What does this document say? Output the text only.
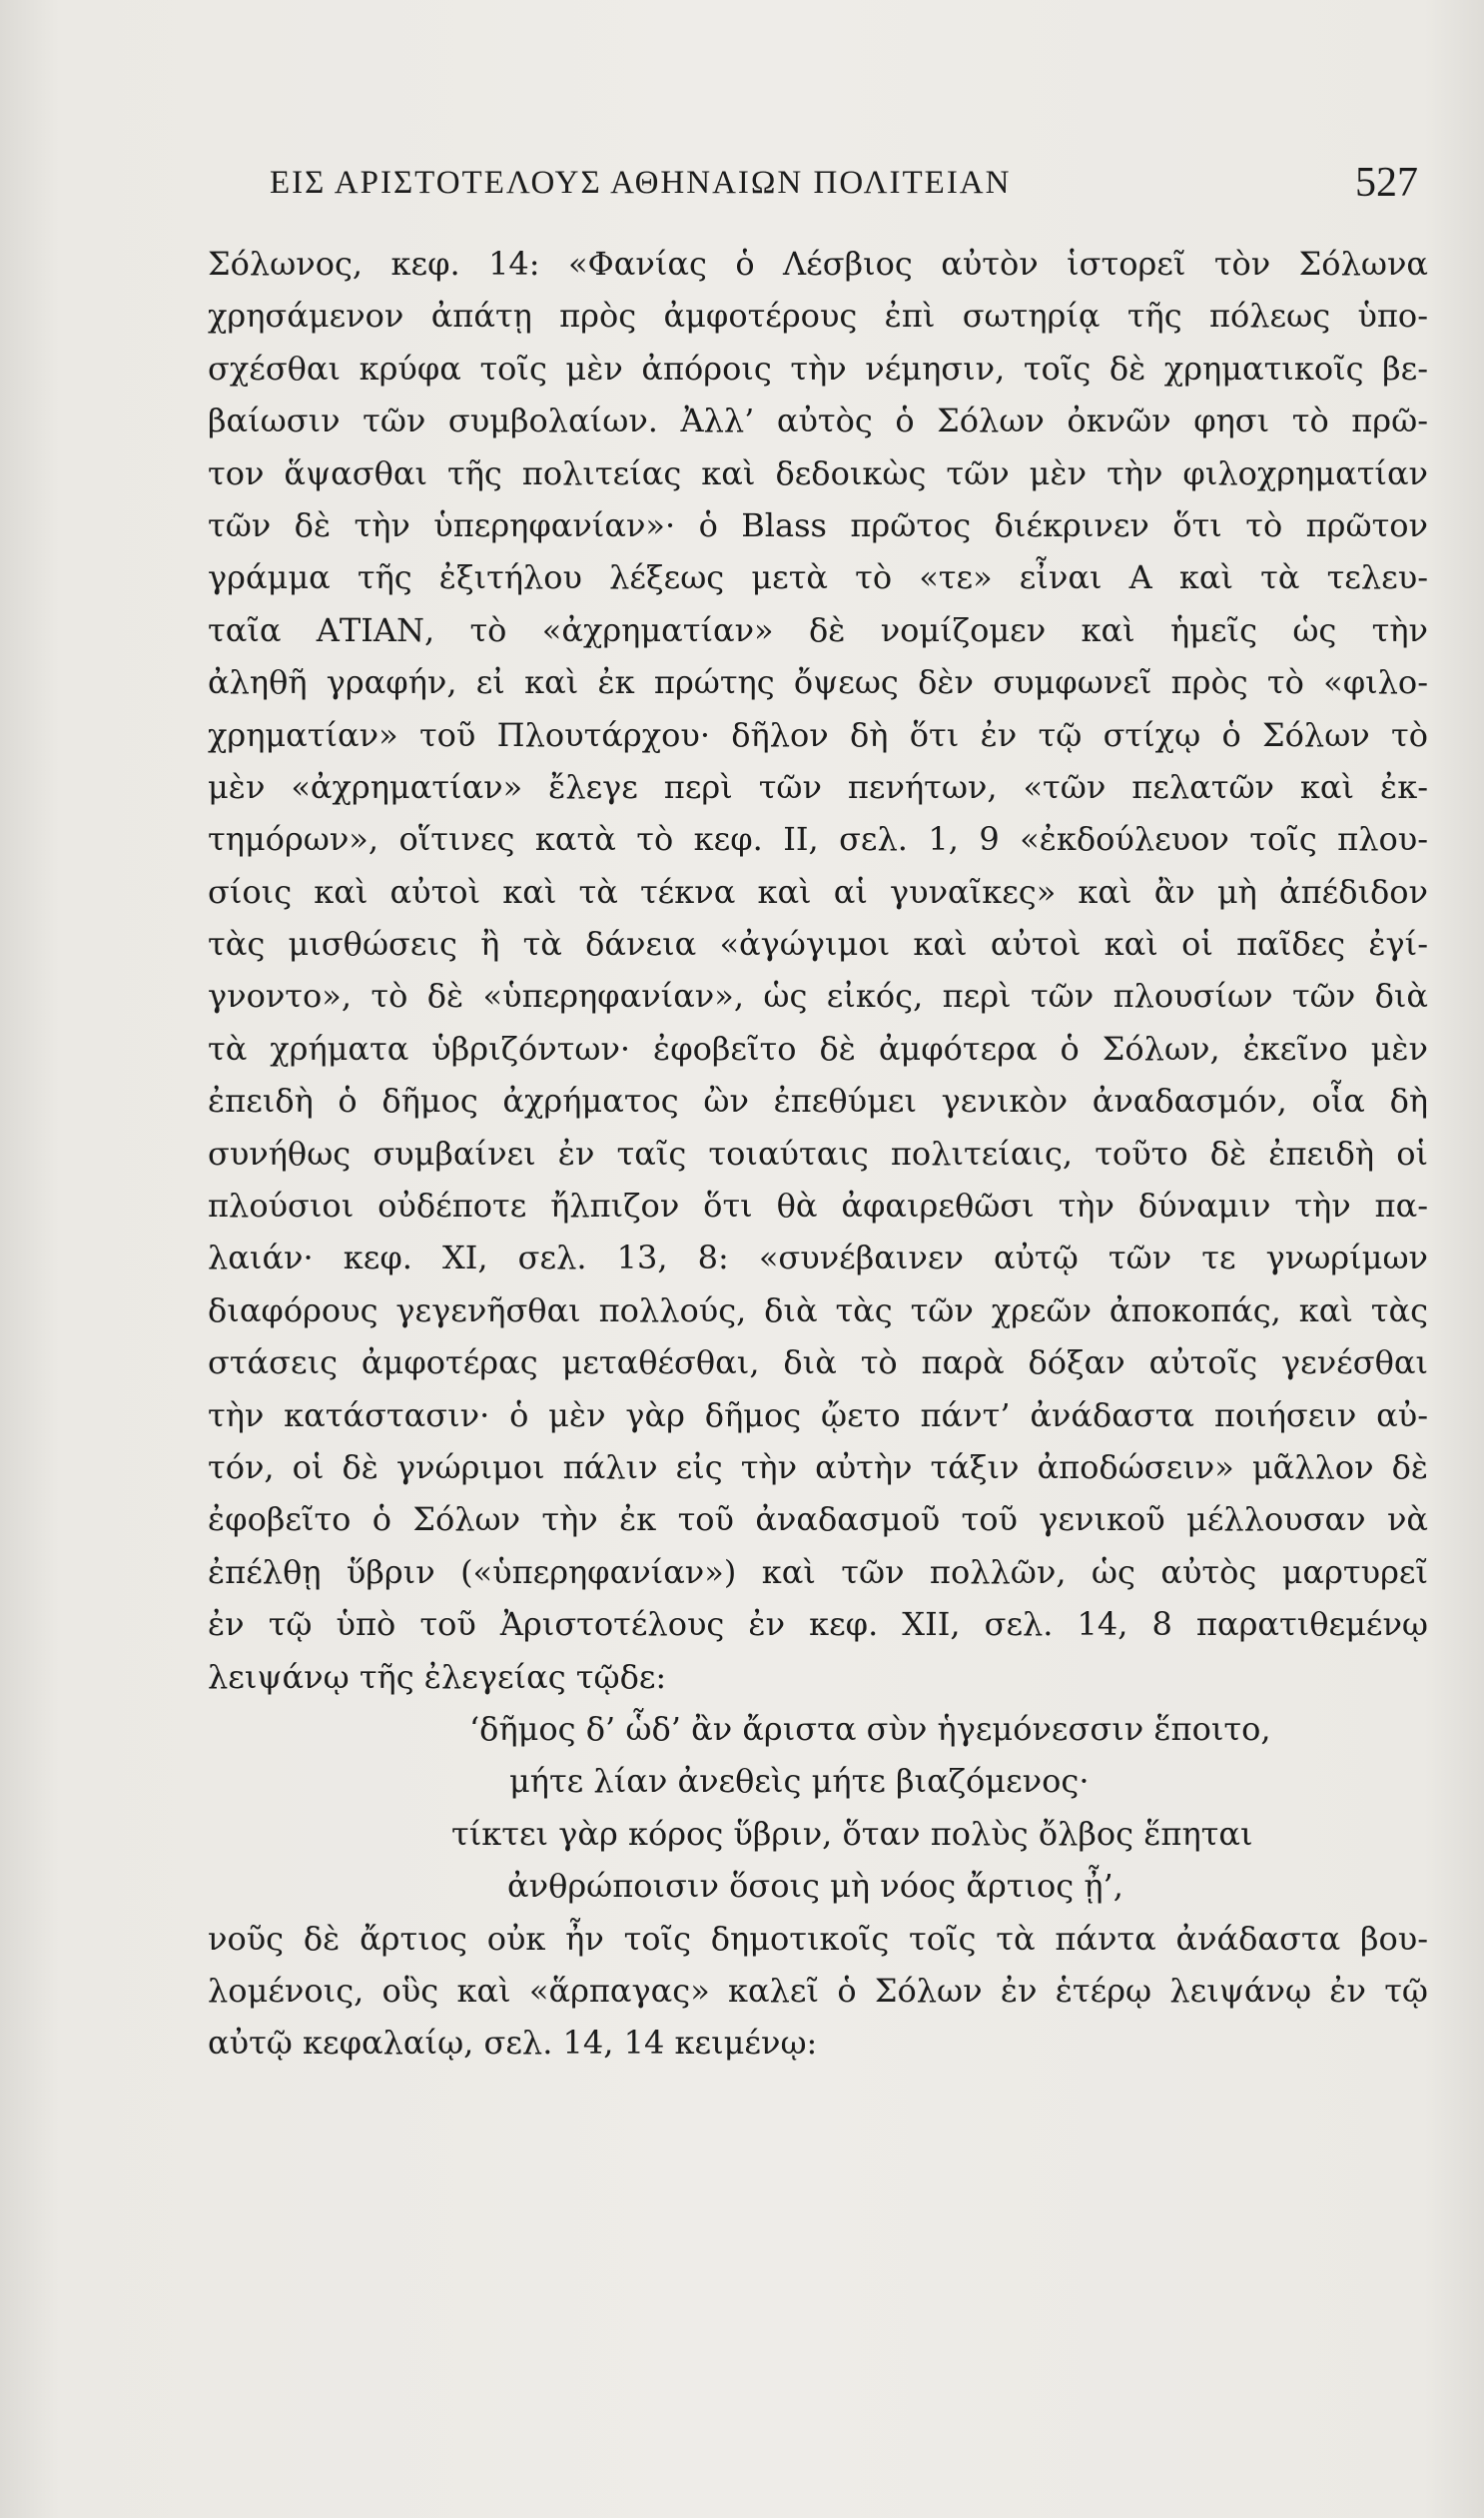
ΕΙΣ ΑΡΙΣΤΟΤΕΛΟΥΣ ΑΘΗΝΑΙΩΝ ΠΟΛΙΤΕΙΑΝ	527
Σόλωνος, κεφ. 14: «Φανίας ὁ Λέσβιος αὐτὸν ἱστορεῖ τὸν Σόλωνα
χρησάμενον ἀπάτῃ πρὸς ἀμφοτέρους ἐπὶ σωτηρίᾳ τῆς πόλεως ὑπο-
σχέσθαι κρύφα τοῖς μὲν ἀπόροις τὴν νέμησιν, τοῖς δὲ χρηματικοῖς βε-
βαίωσιν τῶν συμβολαίων. Ἀλλ’ αὐτὸς ὁ Σόλων ὀκνῶν φησι τὸ πρῶ-
τον ἅψασθαι τῆς πολιτείας καὶ δεδοικὼς τῶν μὲν τὴν φιλοχρηματίαν
τῶν δὲ τὴν ὑπερηφανίαν»· ὁ Blass πρῶτος διέκρινεν ὅτι τὸ πρῶτον
γράμμα τῆς ἐξιτήλου λέξεως μετὰ τὸ «τε» εἶναι Α καὶ τὰ τελευ-
ταῖα ΑΤΙΑΝ, τὸ «ἀχρηματίαν» δὲ νομίζομεν καὶ ἡμεῖς ὡς τὴν
ἀληθῆ γραφήν, εἰ καὶ ἐκ πρώτης ὄψεως δὲν συμφωνεῖ πρὸς τὸ «φιλο-
χρηματίαν» τοῦ Πλουτάρχου· δῆλον δὴ ὅτι ἐν τῷ στίχῳ ὁ Σόλων τὸ
μὲν «ἀχρηματίαν» ἔλεγε περὶ τῶν πενήτων, «τῶν πελατῶν καὶ ἐκ-
τημόρων», οἵτινες κατὰ τὸ κεφ. ΙΙ, σελ. 1, 9 «ἐκδούλευον τοῖς πλου-
σίοις καὶ αὐτοὶ καὶ τὰ τέκνα καὶ αἱ γυναῖκες» καὶ ἂν μὴ ἀπέδιδον
τὰς μισθώσεις ἢ τὰ δάνεια «ἀγώγιμοι καὶ αὐτοὶ καὶ οἱ παῖδες ἐγί-
γνοντο», τὸ δὲ «ὑπερηφανίαν», ὡς εἰκός, περὶ τῶν πλουσίων τῶν διὰ
τὰ χρήματα ὑβριζόντων· ἐφοβεῖτο δὲ ἀμφότερα ὁ Σόλων, ἐκεῖνο μὲν
ἐπειδὴ ὁ δῆμος ἀχρήματος ὢν ἐπεθύμει γενικὸν ἀναδασμόν, οἷα δὴ
συνήθως συμβαίνει ἐν ταῖς τοιαύταις πολιτείαις, τοῦτο δὲ ἐπειδὴ οἱ
πλούσιοι οὐδέποτε ἤλπιζον ὅτι θὰ ἀφαιρεθῶσι τὴν δύναμιν τὴν πα-
λαιάν· κεφ. ΧΙ, σελ. 13, 8: «συνέβαινεν αὐτῷ τῶν τε γνωρίμων
διαφόρους γεγενῆσθαι πολλούς, διὰ τὰς τῶν χρεῶν ἀποκοπάς, καὶ τὰς
στάσεις ἀμφοτέρας μεταθέσθαι, διὰ τὸ παρὰ δόξαν αὐτοῖς γενέσθαι
τὴν κατάστασιν· ὁ μὲν γὰρ δῆμος ᾤετο πάντ’ ἀνάδαστα ποιήσειν αὐ-
τόν, οἱ δὲ γνώριμοι πάλιν εἰς τὴν αὐτὴν τάξιν ἀποδώσειν» μᾶλλον δὲ
ἐφοβεῖτο ὁ Σόλων τὴν ἐκ τοῦ ἀναδασμοῦ τοῦ γενικοῦ μέλλουσαν νὰ
ἐπέλθῃ ὕβριν («ὑπερηφανίαν») καὶ τῶν πολλῶν, ὡς αὐτὸς μαρτυρεῖ
ἐν τῷ ὑπὸ τοῦ Ἀριστοτέλους ἐν κεφ. ΧΙΙ, σελ. 14, 8 παρατιθεμένῳ
λειψάνῳ τῆς ἐλεγείας τῷδε:
‘δῆμος δ’ ὧδ’ ἂν ἄριστα σὺν ἡγεμόνεσσιν ἕποιτο,
μήτε λίαν ἀνεθεὶς μήτε βιαζόμενος·
τίκτει γὰρ κόρος ὕβριν, ὅταν πολὺς ὄλβος ἕπηται
ἀνθρώποισιν ὅσοις μὴ νόος ἄρτιος ᾖ’,
νοῦς δὲ ἄρτιος οὐκ ἦν τοῖς δημοτικοῖς τοῖς τὰ πάντα ἀνάδαστα βου-
λομένοις, οὓς καὶ «ἅρπαγας» καλεῖ ὁ Σόλων ἐν ἑτέρῳ λειψάνῳ ἐν τῷ
αὐτῷ κεφαλαίῳ, σελ. 14, 14 κειμένῳ:
